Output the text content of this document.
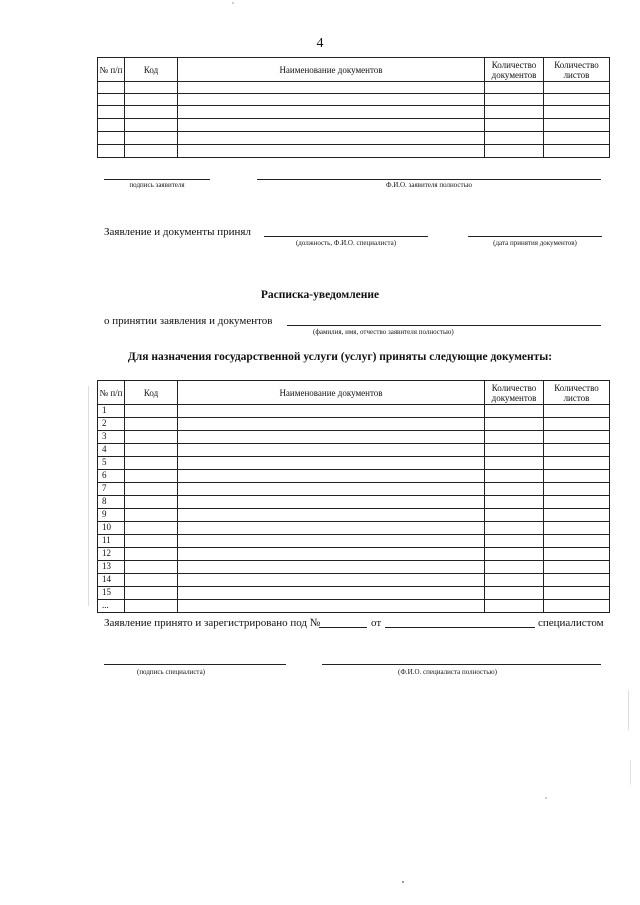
4
№ п/п	Код	Наименование документов	Количество документов	Количество листов

подпись заявителя	Ф.И.О. заявителя полностью
Заявление и документы принял
(должность, Ф.И.О. специалиста)	(дата принятия документов)
Расписка-уведомление
о принятии заявления и документов
(фамилия, имя, отчество заявителя полностью)
Для назначения государственной услуги (услуг) приняты следующие документы:
№ п/п	Код	Наименование документов	Количество документов	Количество листов
1				
2				
3				
4				
5				
6				
7				
8				
9				
10				
11				
12				
13				
14				
15				
...				
Заявление принято и зарегистрировано под №	от	специалистом
(подпись специалиста)	(Ф.И.О. специалиста полностью)
